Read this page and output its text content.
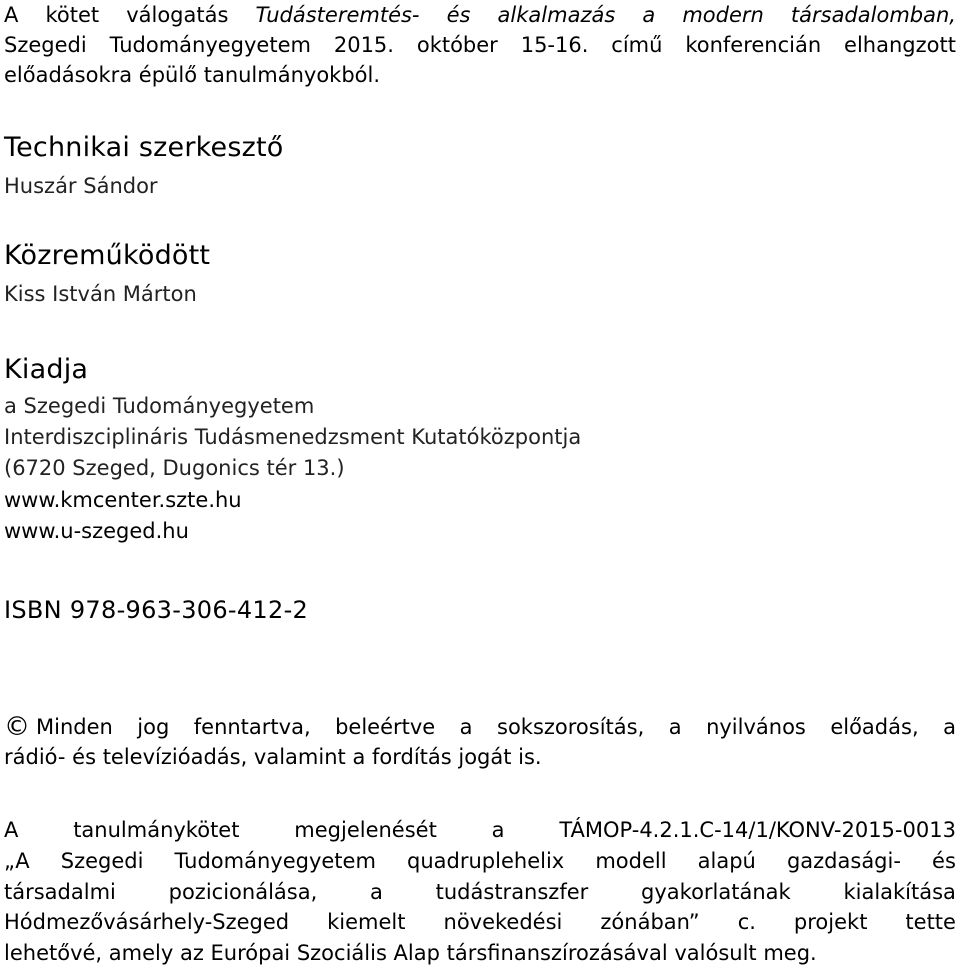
A kötet válogatás Tudásteremtés- és alkalmazás a modern társadalomban,
Szegedi Tudományegyetem 2015. október 15-16. című konferencián elhangzott
előadásokra épülő tanulmányokból.
Technikai szerkesztő
Huszár Sándor
Közreműködött
Kiss István Márton
Kiadja
a Szegedi Tudományegyetem
Interdiszciplináris Tudásmenedzsment Kutatóközpontja
(6720 Szeged, Dugonics tér 13.)
www.kmcenter.szte.hu
www.u-szeged.hu
ISBN 978-963-306-412-2
© Minden jog fenntartva, beleértve a sokszorosítás, a nyilvános előadás, a
rádió- és televízióadás, valamint a fordítás jogát is.
A	tanulmánykötet	megjelenését	a	TÁMOP-4.2.1.C-14/1/KONV-2015-0013
„A Szegedi Tudományegyetem quadruplehelix modell alapú gazdasági- és
társadalmi	pozicionálása,	a	tudástranszfer	gyakorlatának	kialakítása
Hódmezővásárhely-Szeged kiemelt növekedési zónában” c. projekt tette
lehetővé, amely az Európai Szociális Alap társfinanszírozásával valósult meg.
